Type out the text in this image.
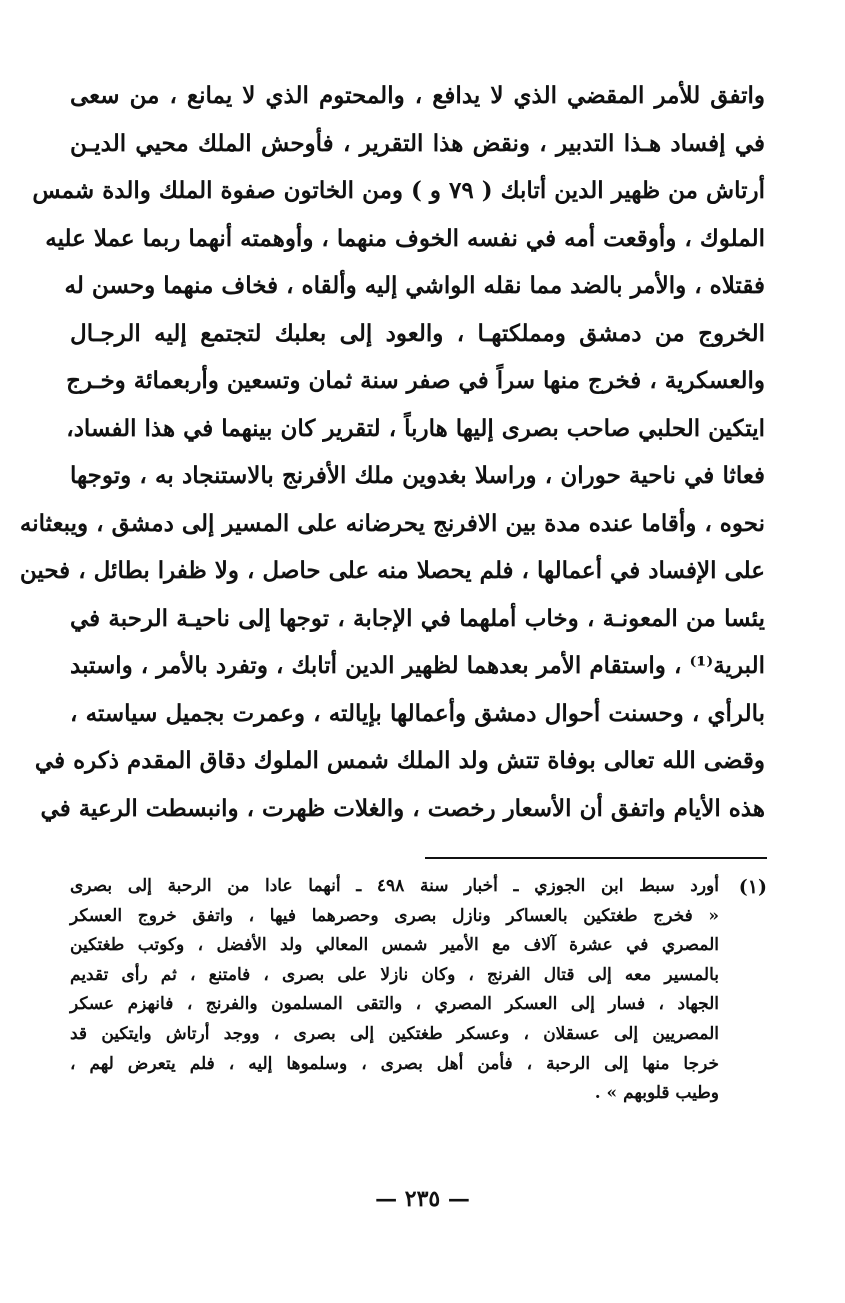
واتفق للأمر المقضي الذي لا يدافع ، والمحتوم الذي لا يمانع ، من سعى
في إفساد هـذا التدبير ، ونقض هذا التقرير ، فأوحش الملك محيي الديـن
أرتاش من ظهير الدين أتابك ( ٧٩ و ) ومن الخاتون صفوة الملك والدة شمس
الملوك ، وأوقعت أمه في نفسه الخوف منهما ، وأوهمته أنهما ربما عملا عليه
فقتلاه ، والأمر بالضد مما نقله الواشي إليه وألقاه ، فخاف منهما وحسن له
الخروج من دمشق ومملكتهـا ، والعود إلى بعلبك لتجتمع إليه الرجـال
والعسكرية ، فخرج منها سراً في صفر سنة ثمان وتسعين وأربعمائة وخـرج
ايتكين الحلبي صاحب بصرى إليها هارباً ، لتقرير كان بينهما في هذا الفساد،
فعاثا في ناحية حوران ، وراسلا بغدوين ملك الأفرنج بالاستنجاد به ، وتوجها
نحوه ، وأقاما عنده مدة بين الافرنج يحرضانه على المسير إلى دمشق ، ويبعثانه
على الإفساد في أعمالها ، فلم يحصلا منه على حاصل ، ولا ظفرا بطائل ، فحين
يئسا من المعونـة ، وخاب أملهما في الإجابة ، توجها إلى ناحيـة الرحبة في
البرية⁽¹⁾ ، واستقام الأمر بعدهما لظهير الدين أتابك ، وتفرد بالأمر ، واستبد
بالرأي ، وحسنت أحوال دمشق وأعمالها بإيالته ، وعمرت بجميل سياسته ،
وقضى الله تعالى بوفاة تتش ولد الملك شمس الملوك دقاق المقدم ذكره في
هذه الأيام واتفق أن الأسعار رخصت ، والغلات ظهرت ، وانبسطت الرعية في
(١)
أورد سبط ابن الجوزي ـ أخبار سنة ٤٩٨ ـ أنهما عادا من الرحبة إلى بصرى
« فخرج طغتكين بالعساكر ونازل بصرى وحصرهما فيها ، واتفق خروج العسكر
المصري في عشرة آلاف مع الأمير شمس المعالي ولد الأفضل ، وكوتب طغتكين
بالمسير معه إلى قتال الفرنج ، وكان نازلا على بصرى ، فامتنع ، ثم رأى تقديم
الجهاد ، فسار إلى العسكر المصري ، والتقى المسلمون والفرنج ، فانهزم عسكر
المصريين إلى عسقلان ، وعسكر طغتكين إلى بصرى ، ووجد أرتاش وايتكين قد
خرجا منها إلى الرحبة ، فأمن أهل بصرى ، وسلموها إليه ، فلم يتعرض لهم ،
وطيب قلوبهم » .
— ٢٣٥ —
